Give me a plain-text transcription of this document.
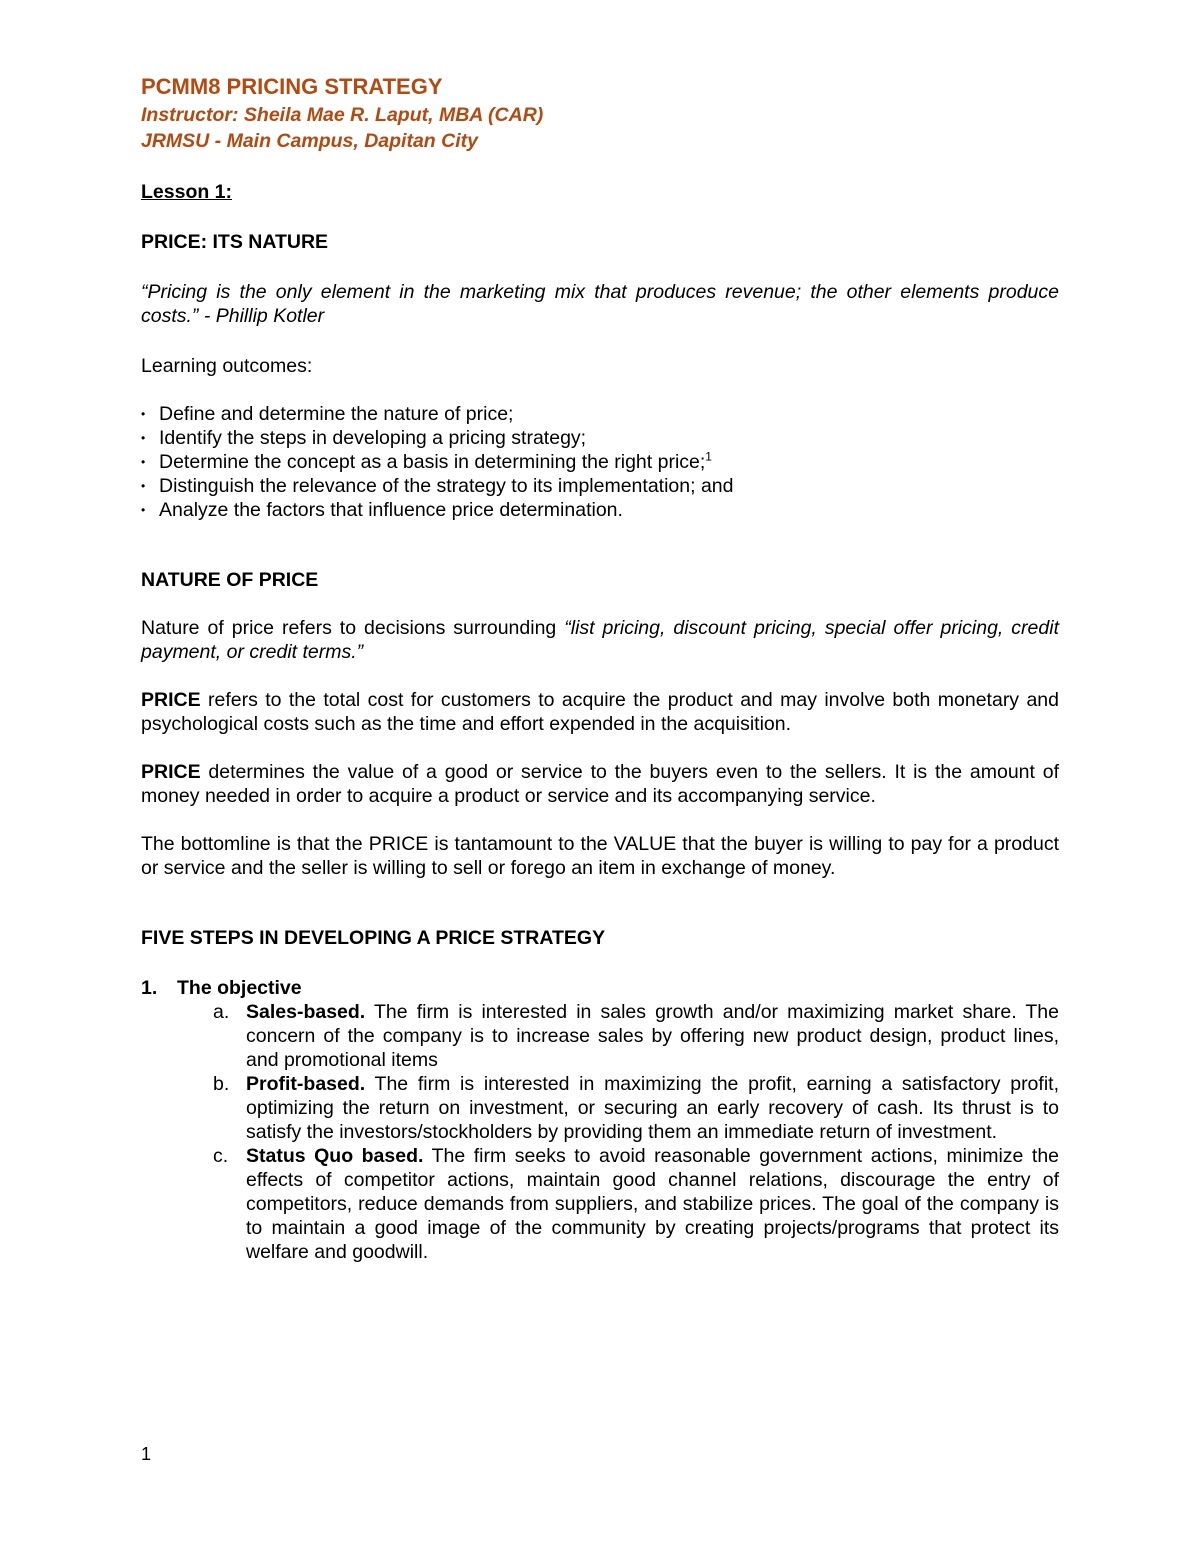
PCMM8 PRICING STRATEGY
Instructor: Sheila Mae R. Laput, MBA (CAR)
JRMSU - Main Campus, Dapitan City
Lesson 1:
PRICE: ITS NATURE
“Pricing is the only element in the marketing mix that produces revenue; the other elements produce costs.” - Phillip Kotler
Learning outcomes:
• Define and determine the nature of price;
• Identify the steps in developing a pricing strategy;
• Determine the concept as a basis in determining the right price;$^1$
• Distinguish the relevance of the strategy to its implementation; and
• Analyze the factors that influence price determination.
NATURE OF PRICE

Nature of price refers to decisions surrounding “list pricing, discount pricing, special offer pricing, credit payment, or credit terms.”

PRICE refers to the total cost for customers to acquire the product and may involve both monetary and psychological costs such as the time and effort expended in the acquisition.

PRICE determines the value of a good or service to the buyers even to the sellers. It is the amount of money needed in order to acquire a product or service and its accompanying service.

The bottomline is that the PRICE is tantamount to the VALUE that the buyer is willing to pay for a product or service and the seller is willing to sell or forego an item in exchange of money.

FIVE STEPS IN DEVELOPING A PRICE STRATEGY
1. The objective
a. Sales-based. The firm is interested in sales growth and/or maximizing market share. The concern of the company is to increase sales by offering new product design, product lines, and promotional items
b. Profit-based. The firm is interested in maximizing the profit, earning a satisfactory profit, optimizing the return on investment, or securing an early recovery of cash. Its thrust is to satisfy the investors/stockholders by providing them an immediate return of investment.
c. Status Quo based. The firm seeks to avoid reasonable government actions, minimize the effects of competitor actions, maintain good channel relations, discourage the entry of competitors, reduce demands from suppliers, and stabilize prices. The goal of the company is to maintain a good image of the community by creating projects/programs that protect its welfare and goodwill.
1
